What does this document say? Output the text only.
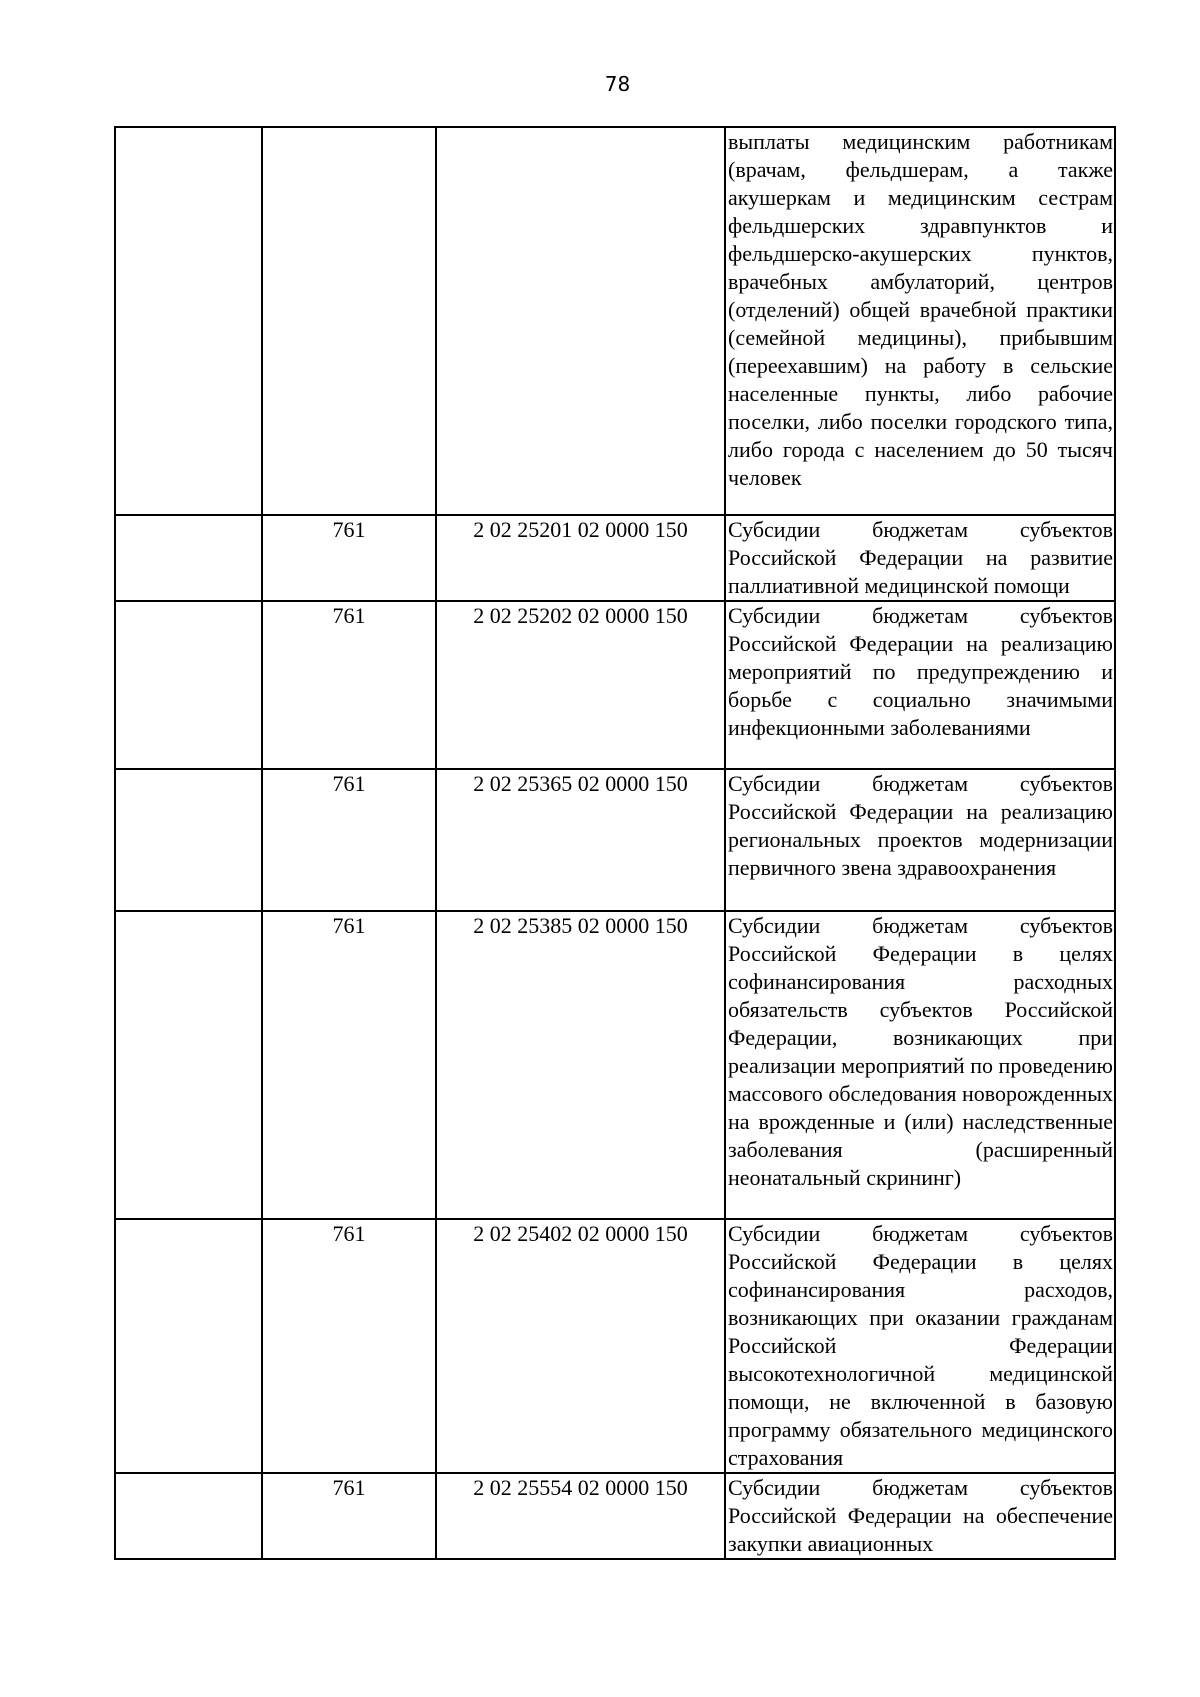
78

			выплаты медицинским работникам (врачам, фельдшерам, а также акушеркам и медицинским сестрам фельдшерских здравпунктов и фельдшерско-акушерских пунктов, врачебных амбулаторий, центров (отделений) общей врачебной практики (семейной медицины), прибывшим (переехавшим) на работу в сельские населенные пункты, либо рабочие поселки, либо поселки городского типа, либо города с населением до 50 тысяч человек

	761	2 02 25201 02 0000 150	Субсидии бюджетам субъектов Российской Федерации на развитие паллиативной медицинской помощи

	761	2 02 25202 02 0000 150	Субсидии бюджетам субъектов Российской Федерации на реализацию мероприятий по предупреждению и борьбе с социально значимыми инфекционными заболеваниями

	761	2 02 25365 02 0000 150	Субсидии бюджетам субъектов Российской Федерации на реализацию региональных проектов модернизации первичного звена здравоохранения

	761	2 02 25385 02 0000 150	Субсидии бюджетам субъектов Российской Федерации в целях софинансирования расходных обязательств субъектов Российской Федерации, возникающих при реализации мероприятий по проведению массового обследования новорожденных на врожденные и (или) наследственные заболевания (расширенный неонатальный скрининг)

	761	2 02 25402 02 0000 150	Субсидии бюджетам субъектов Российской Федерации в целях софинансирования расходов, возникающих при оказании гражданам Российской Федерации высокотехнологичной медицинской помощи, не включенной в базовую программу обязательного медицинского страхования

	761	2 02 25554 02 0000 150	Субсидии бюджетам субъектов Российской Федерации на обеспечение закупки авиационных
